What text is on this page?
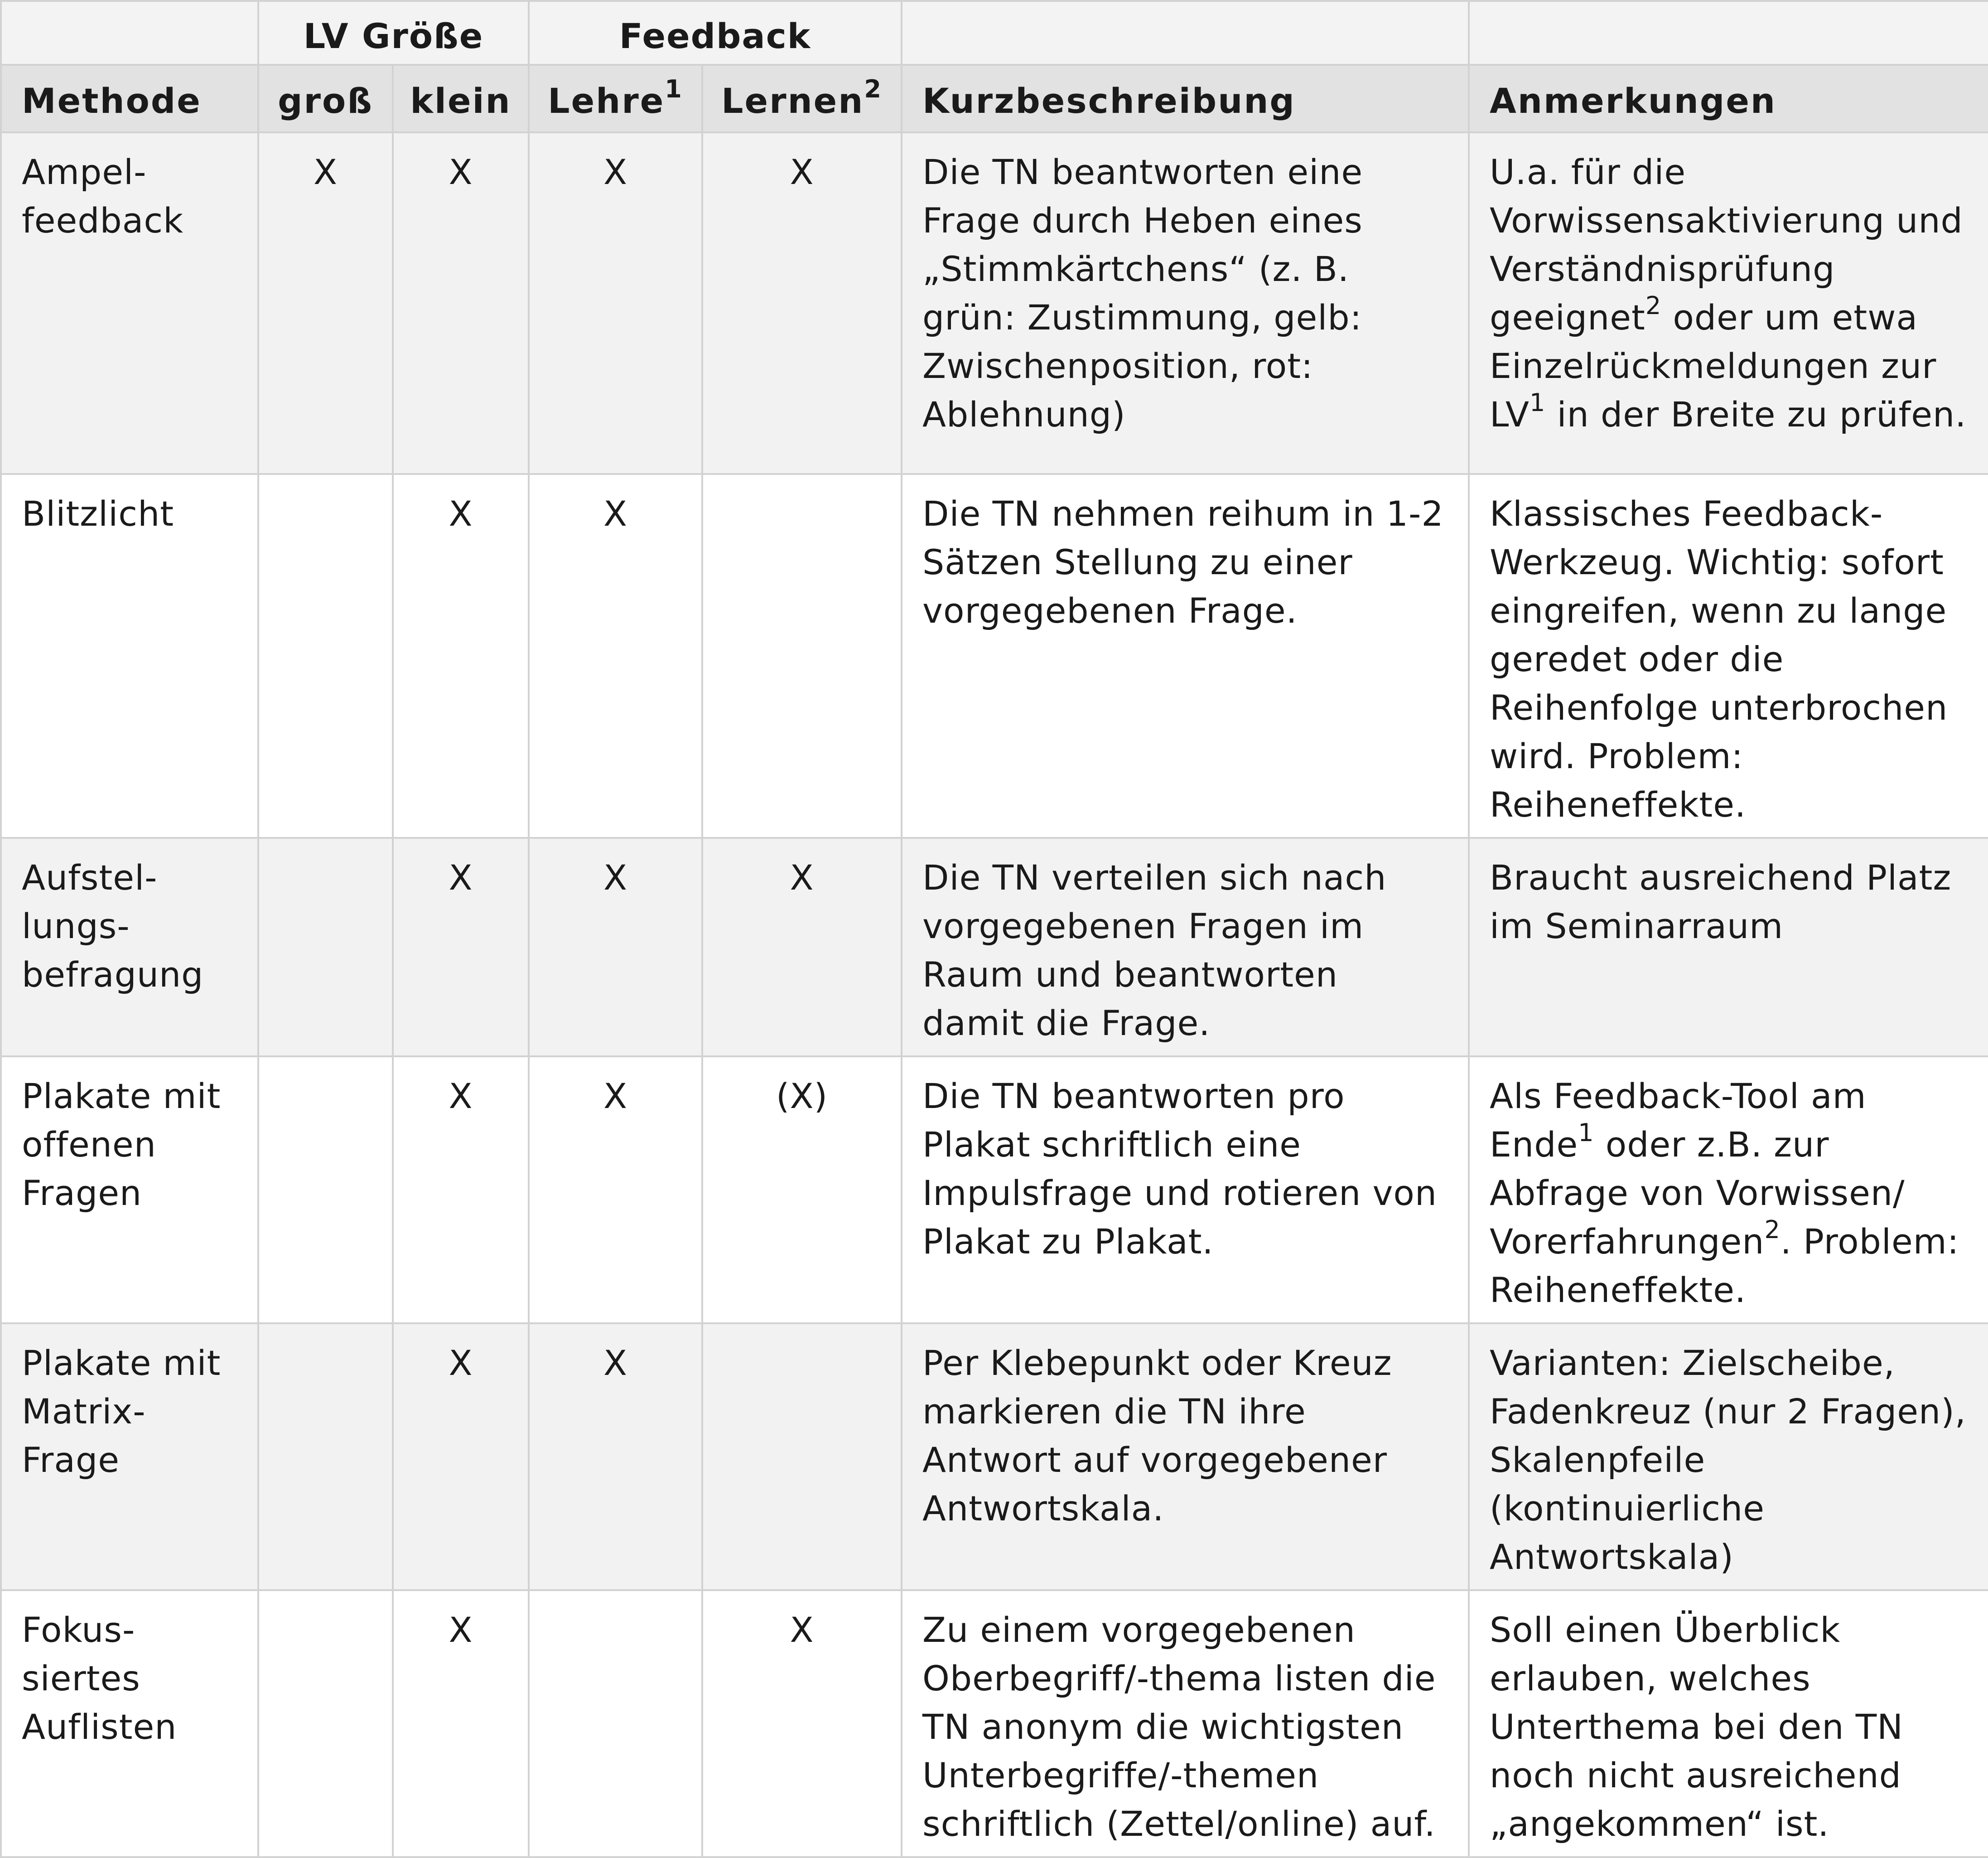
	LV Größe		Feedback			
Methode	groß	klein	Lehre$^1$	Lernen$^2$	Kurzbeschreibung	Anmerkungen
Ampel-
feedback	X	X	X	X	Die TN beantworten eine Frage durch Heben eines „Stimmkärtchens“ (z. B. grün: Zustimmung, gelb: Zwischenposition, rot: Ablehnung)	U.a. für die Vorwissensaktivierung und Verständnisprüfung geeignet$^2$ oder um etwa Einzelrückmeldungen zur $LV^1$ in der Breite zu prüfen.
Blitzlicht		X	X		Die TN nehmen reihum in 1-2 Sätzen Stellung zu einer vorgegebenen Frage.	Klassisches Feedback-Werkzeug. Wichtig: sofort eingreifen, wenn zu lange geredet oder die Reihenfolge unterbrochen wird. Problem: Reiheneffekte.
Aufstel-
lungs-
befragung		X	X	X	Die TN verteilen sich nach vorgegebenen Fragen im Raum und beantworten damit die Frage.	Braucht ausreichend Platz im Seminarraum
Plakate mit offenen Fragen		X	X	(X)	Die TN beantworten pro Plakat schriftlich eine Impulsfrage und rotieren von Plakat zu Plakat.	Als Feedback-Tool am Ende$^1$ oder z.B. zur Abfrage von Vorwissen/ Vorerfahrungen$^2$. Problem: Reiheneffekte.
Plakate mit Matrix-
Frage		X	X		Per Klebepunkt oder Kreuz markieren die TN ihre Antwort auf vorgegebener Antwortskala.	Varianten: Zielscheibe, Fadenkreuz (nur 2 Fragen), Skalenpfeile (kontinuierliche Antwortskala)
Fokus-
siertes
Auflisten		X		X	Zu einem vorgegebenen Oberbegriff/-thema listen die TN anonym die wichtigsten Unterbegriffe/-themen schriftlich (Zettel/online) auf.	Soll einen Überblick erlauben, welches Unterthema bei den TN noch nicht ausreichend „angekommen“ ist.
